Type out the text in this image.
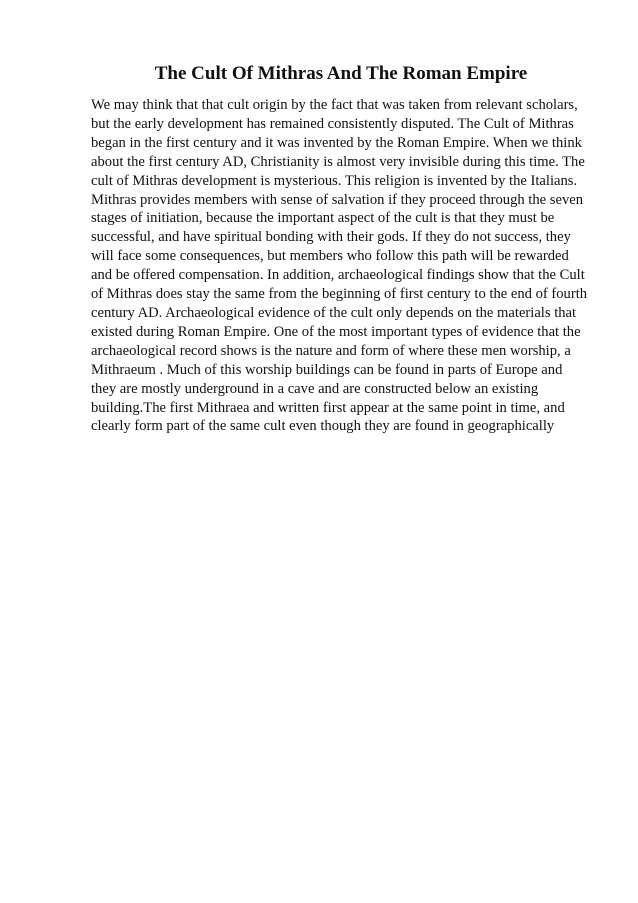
The Cult Of Mithras And The Roman Empire
We may think that that cult origin by the fact that was taken from relevant scholars,
but the early development has remained consistently disputed. The Cult of Mithras
began in the first century and it was invented by the Roman Empire. When we think
about the first century AD, Christianity is almost very invisible during this time. The
cult of Mithras development is mysterious. This religion is invented by the Italians.
Mithras provides members with sense of salvation if they proceed through the seven
stages of initiation, because the important aspect of the cult is that they must be
successful, and have spiritual bonding with their gods. If they do not success, they
will face some consequences, but members who follow this path will be rewarded
and be offered compensation. In addition, archaeological findings show that the Cult
of Mithras does stay the same from the beginning of first century to the end of fourth
century AD. Archaeological evidence of the cult only depends on the materials that
existed during Roman Empire. One of the most important types of evidence that the
archaeological record shows is the nature and form of where these men worship, a
Mithraeum . Much of this worship buildings can be found in parts of Europe and
they are mostly underground in a cave and are constructed below an existing
building.The first Mithraea and written first appear at the same point in time, and
clearly form part of the same cult even though they are found in geographically
